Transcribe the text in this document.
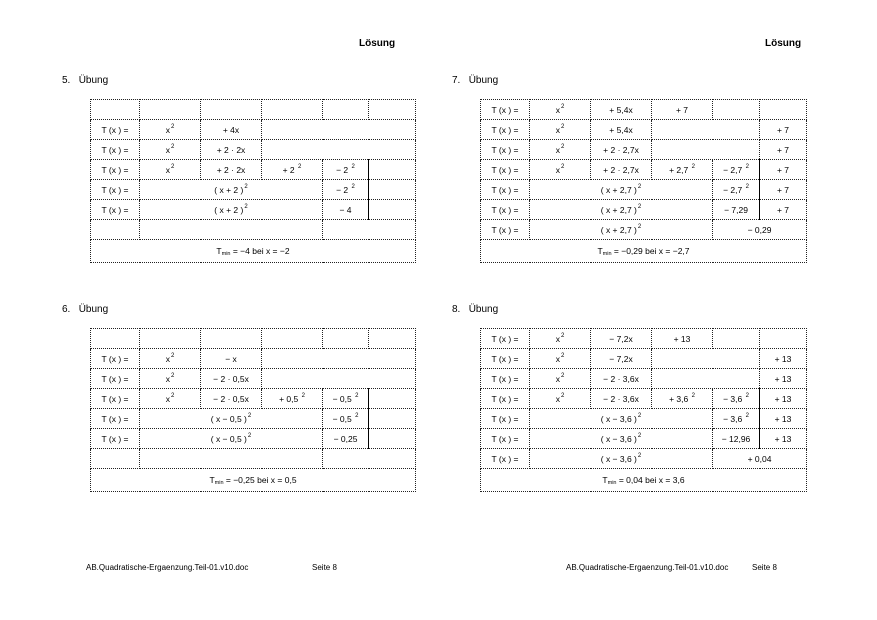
Lösung	Lösung
5. Übung
6. Übung
7. Übung
8. Übung

T (x ) =	$x^2$	+ 4x			
T (x ) =	$x^2$	+ 2 · 2x			
T (x ) =	$x^2$	+ 2 · 2x	+ 2 $^2$	− 2 $^2$	
T (x ) =	( x + 2 )$^2$			− 2 $^2$	
T (x ) =	( x + 2 )$^2$			− 4	

$T_{min} = -4$ bei x = −2					

T (x ) =	$x^2$	− x			
T (x ) =	$x^2$	− 2 · 0,5x			
T (x ) =	$x^2$	− 2 · 0,5x	+ 0,5 $^2$	− 0,5 $^2$	
T (x ) =	( x − 0,5 )$^2$			− 0,5 $^2$	
T (x ) =	( x − 0,5 )$^2$			− 0,25	

$T_{min} = -0,25$ bei x = 0,5					
T (x ) =	$x^2$	+ 5,4x	+ 7		
T (x ) =	$x^2$	+ 5,4x			+ 7
T (x ) =	$x^2$	+ 2 · 2,7x			+ 7
T (x ) =	$x^2$	+ 2 · 2,7x	+ 2,7 $^2$	− 2,7 $^2$	+ 7
T (x ) =	( x + 2,7 )$^2$			− 2,7 $^2$	+ 7
T (x ) =	( x + 2,7 )$^2$			− 7,29	+ 7
T (x ) =	( x + 2,7 )$^2$			− 0,29	
$T_{min} = -0,29$ bei x = −2,7					
T (x ) =	$x^2$	− 7,2x	+ 13		
T (x ) =	$x^2$	− 7,2x			+ 13
T (x ) =	$x^2$	− 2 · 3,6x			+ 13
T (x ) =	$x^2$	− 2 · 3,6x	+ 3,6 $^2$	− 3,6 $^2$	+ 13
T (x ) =	( x − 3,6 )$^2$			− 3,6 $^2$	+ 13
T (x ) =	( x − 3,6 )$^2$			− 12,96	+ 13
T (x ) =	( x − 3,6 )$^2$			+ 0,04	
$T_{min} = 0,04$ bei x = 3,6					
AB.Quadratische-Ergaenzung.Teil-01.v10.doc	Seite 8	AB.Quadratische-Ergaenzung.Teil-01.v10.doc	Seite 8
